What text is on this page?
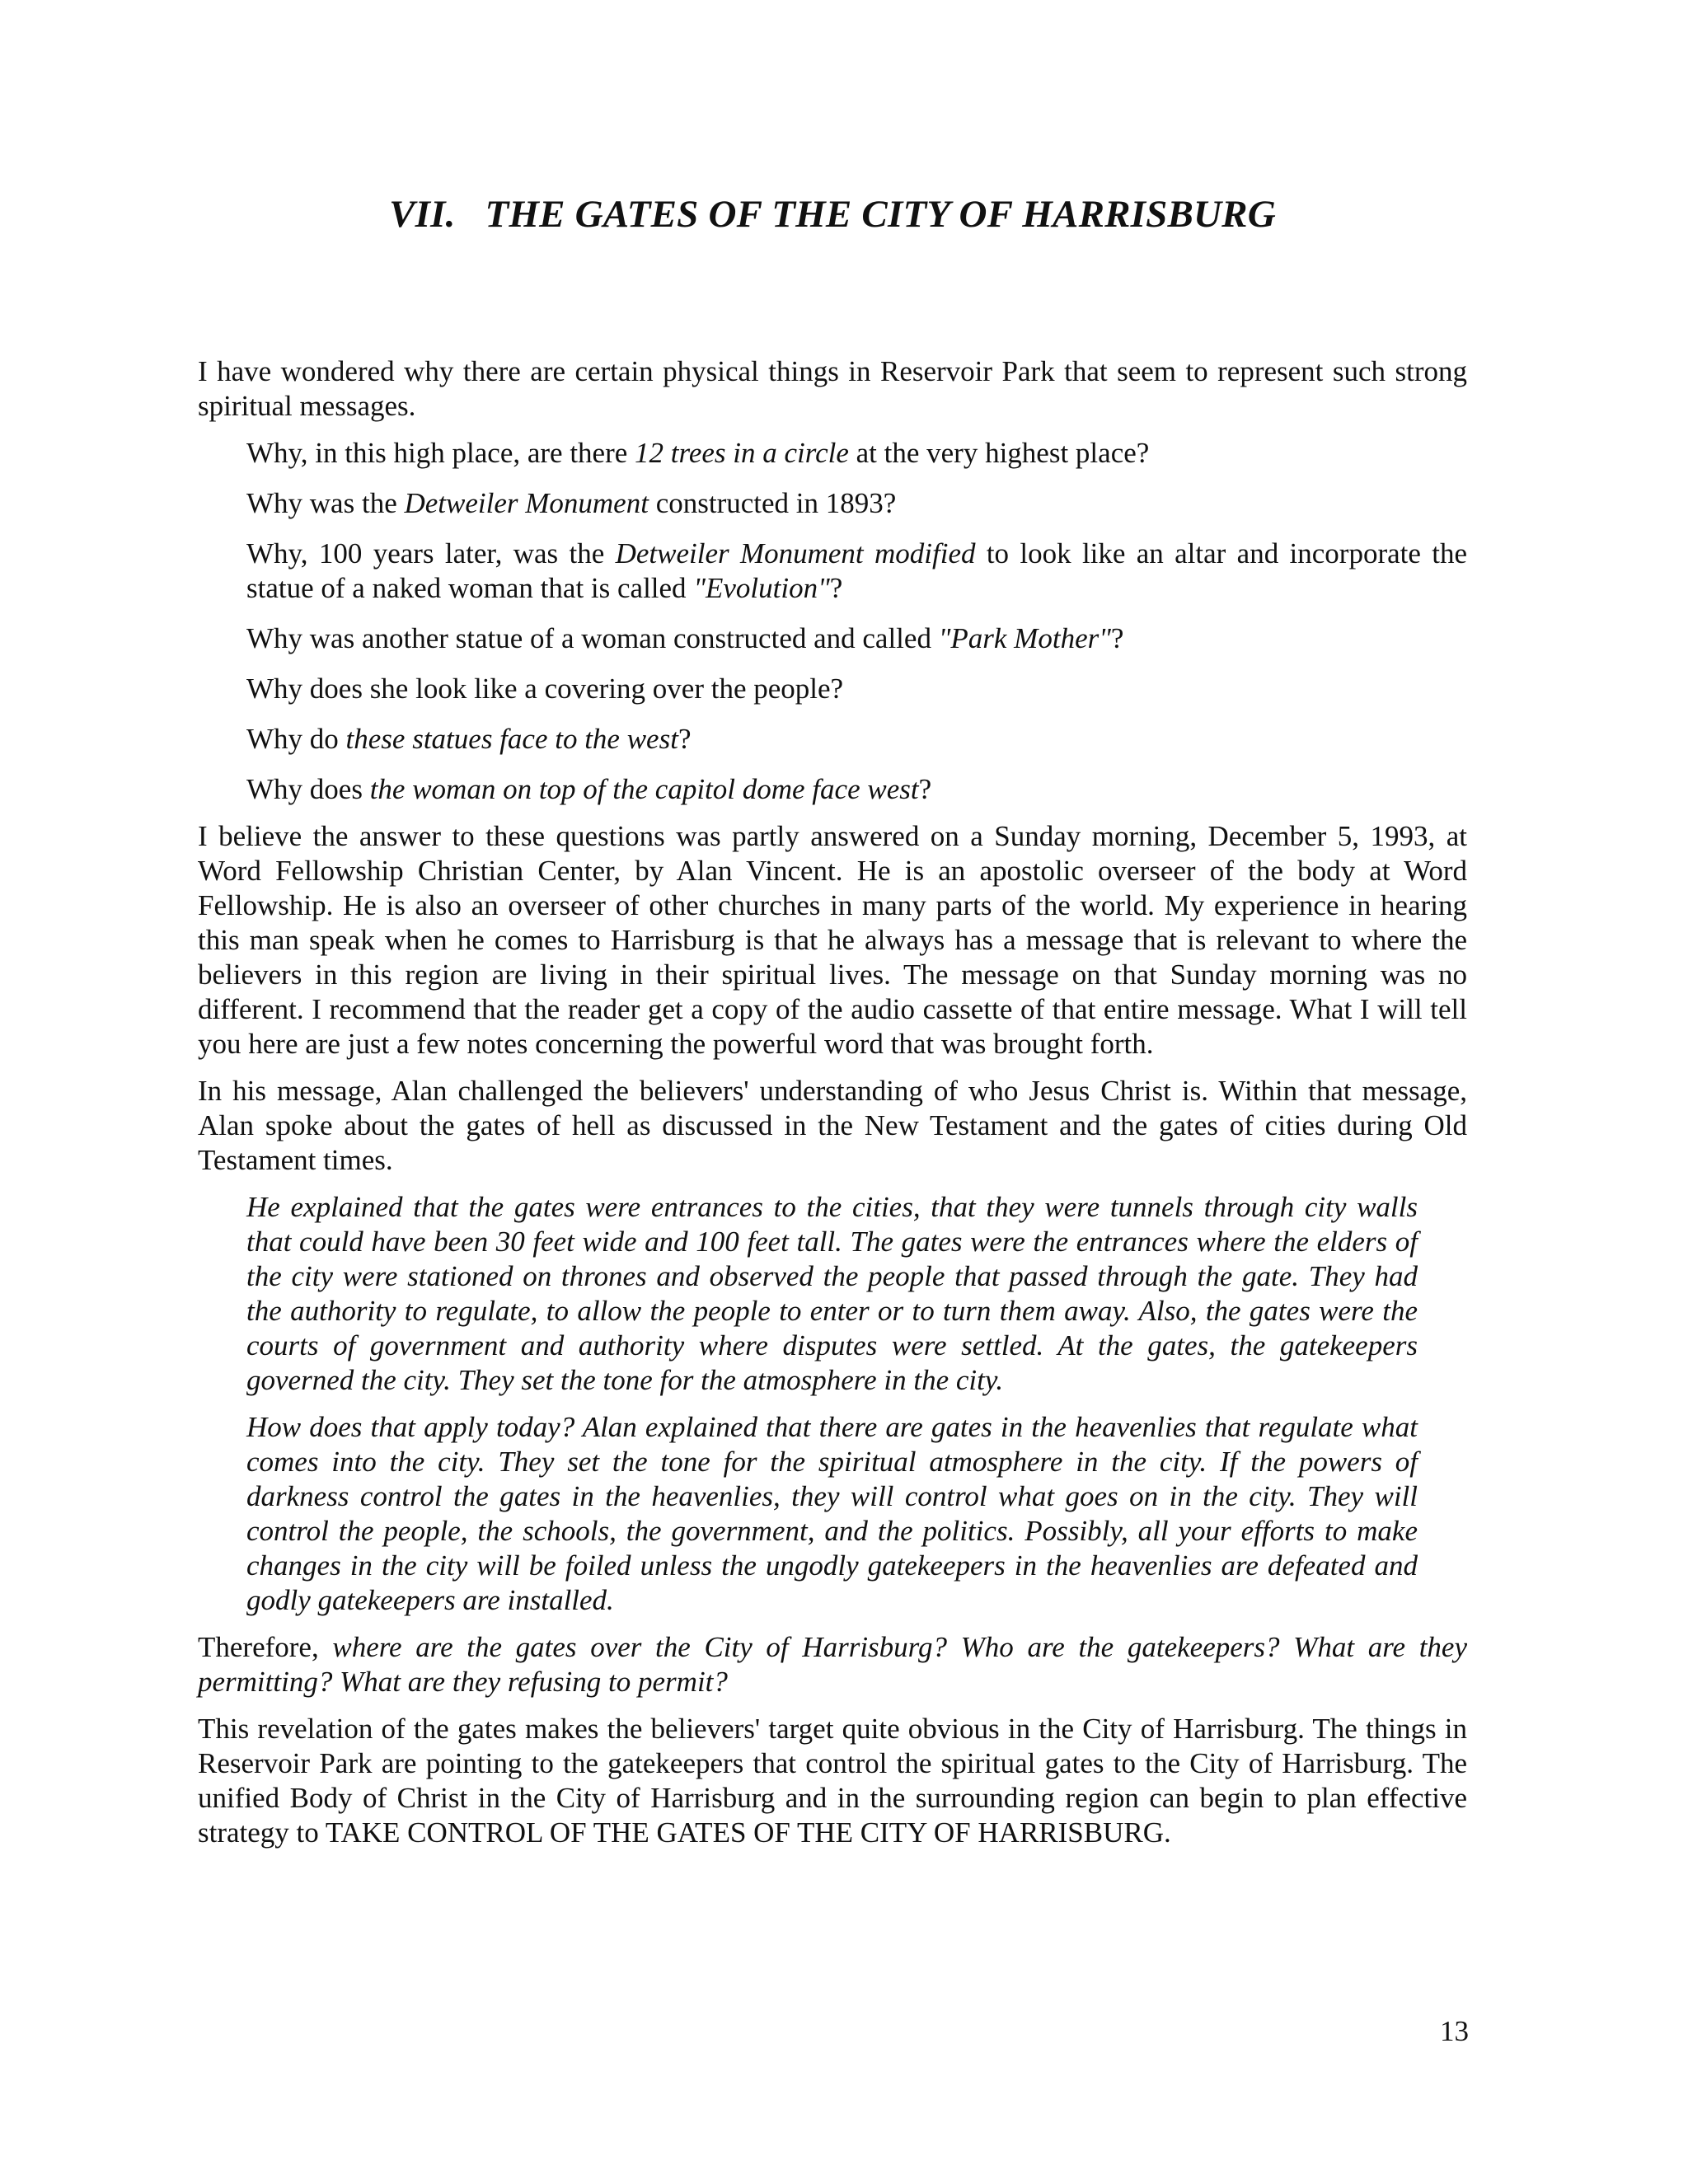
VII.   THE GATES OF THE CITY OF HARRISBURG

I have wondered why there are certain physical things in Reservoir Park that seem to represent such strong spiritual messages.

Why, in this high place, are there 12 trees in a circle at the very highest place?

Why was the Detweiler Monument constructed in 1893?

Why, 100 years later, was the Detweiler Monument modified to look like an altar and incorporate the statue of a naked woman that is called "Evolution"?

Why was another statue of a woman constructed and called "Park Mother"?

Why does she look like a covering over the people?

Why do these statues face to the west?

Why does the woman on top of the capitol dome face west?

I believe the answer to these questions was partly answered on a Sunday morning, December 5, 1993, at Word Fellowship Christian Center, by Alan Vincent. He is an apostolic overseer of the body at Word Fellowship. He is also an overseer of other churches in many parts of the world. My experience in hearing this man speak when he comes to Harrisburg is that he always has a message that is relevant to where the believers in this region are living in their spiritual lives. The message on that Sunday morning was no different. I recommend that the reader get a copy of the audio cassette of that entire message. What I will tell you here are just a few notes concerning the powerful word that was brought forth.

In his message, Alan challenged the believers' understanding of who Jesus Christ is. Within that message, Alan spoke about the gates of hell as discussed in the New Testament and the gates of cities during Old Testament times.

He explained that the gates were entrances to the cities, that they were tunnels through city walls that could have been 30 feet wide and 100 feet tall. The gates were the entrances where the elders of the city were stationed on thrones and observed the people that passed through the gate. They had the authority to regulate, to allow the people to enter or to turn them away. Also, the gates were the courts of government and authority where disputes were settled. At the gates, the gatekeepers governed the city. They set the tone for the atmosphere in the city.

How does that apply today? Alan explained that there are gates in the heavenlies that regulate what comes into the city. They set the tone for the spiritual atmosphere in the city. If the powers of darkness control the gates in the heavenlies, they will control what goes on in the city. They will control the people, the schools, the government, and the politics. Possibly, all your efforts to make changes in the city will be foiled unless the ungodly gatekeepers in the heavenlies are defeated and godly gatekeepers are installed.

Therefore, where are the gates over the City of Harrisburg? Who are the gatekeepers? What are they permitting? What are they refusing to permit?

This revelation of the gates makes the believers' target quite obvious in the City of Harrisburg. The things in Reservoir Park are pointing to the gatekeepers that control the spiritual gates to the City of Harrisburg. The unified Body of Christ in the City of Harrisburg and in the surrounding region can begin to plan effective strategy to TAKE CONTROL OF THE GATES OF THE CITY OF HARRISBURG.

13
